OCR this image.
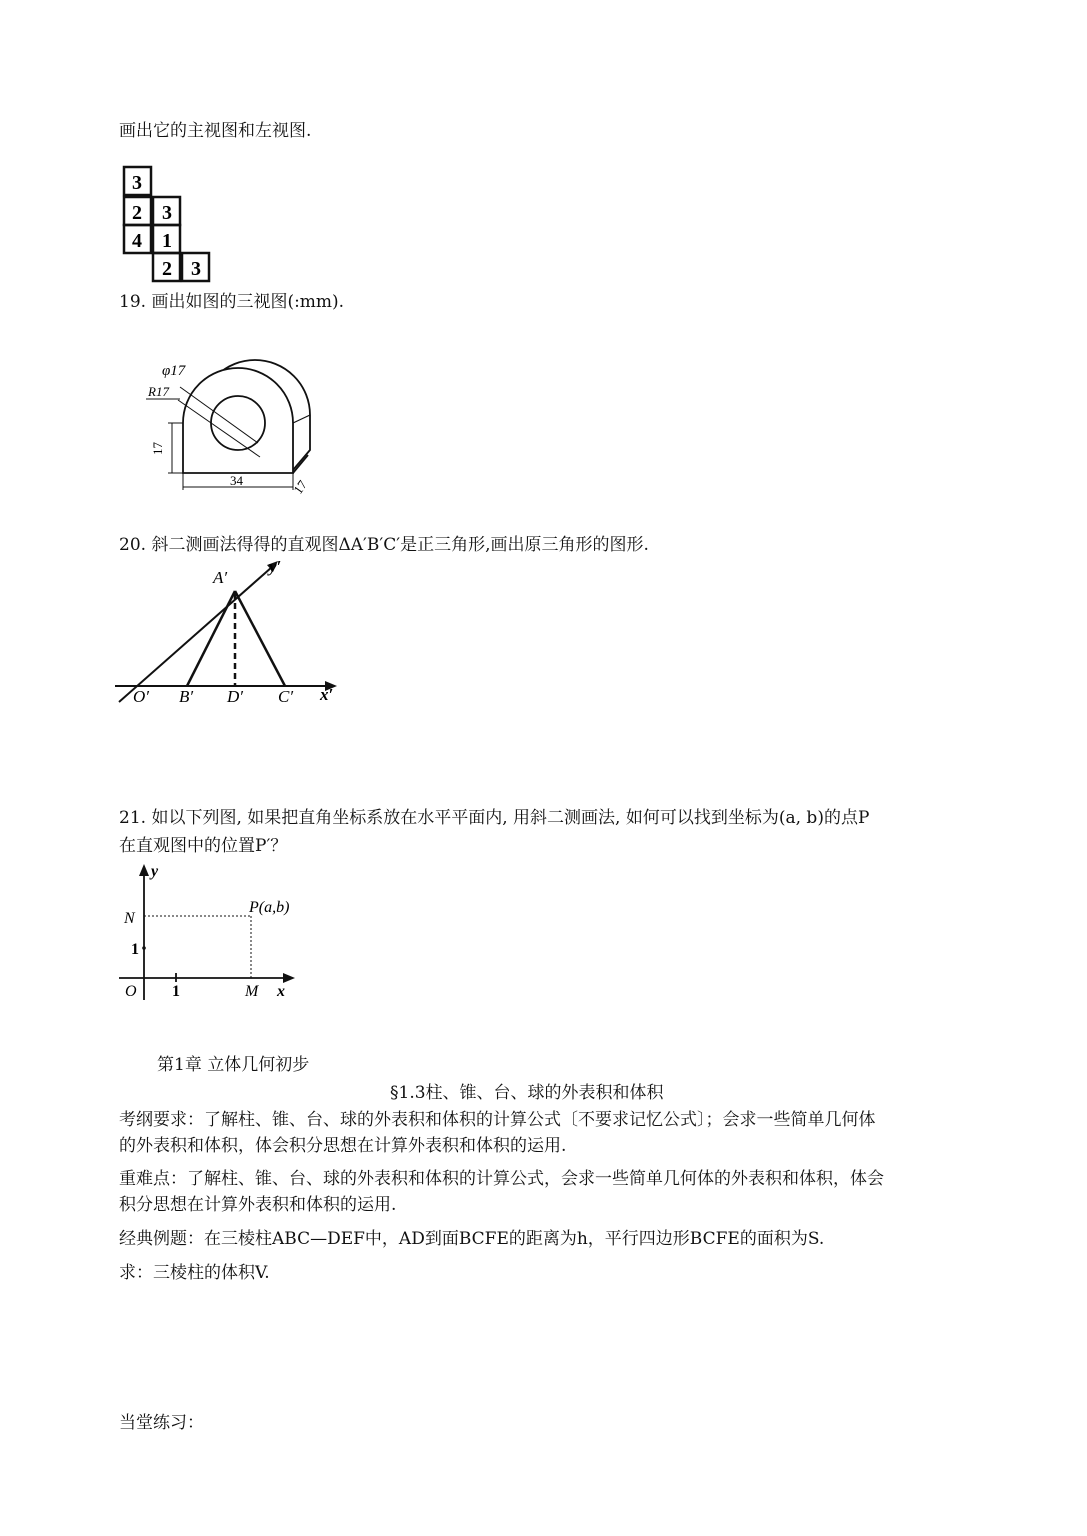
画出它的主视图和左视图.
3
2 3
4 1
2 3
19. 画出如图的三视图(:mm).
φ17
R17
17
34	17
20. 斜二测画法得得的直观图ΔA′B′C′是正三角形,画出原三角形的图形.
A′
y′
O′ B′ D′ C′ x′
21. 如以下列图, 如果把直角坐标系放在水平平面内, 用斜二测画法, 如何可以找到坐标为(a, b)的点P
在直观图中的位置P′？
y
P(a,b)
N
1
O 1	M x
第1章 立体几何初步
§1.3柱、锥、台、球的外表积和体积
考纲要求：了解柱、锥、台、球的外表积和体积的计算公式〔不要求记忆公式〕；会求一些简单几何体
的外表积和体积，体会积分思想在计算外表积和体积的运用.
重难点：了解柱、锥、台、球的外表积和体积的计算公式，会求一些简单几何体的外表积和体积，体会
积分思想在计算外表积和体积的运用.
经典例题：在三棱柱ABC—DEF中，AD到面BCFE的距离为h，平行四边形BCFE的面积为S.
求：三棱柱的体积V.
当堂练习：
